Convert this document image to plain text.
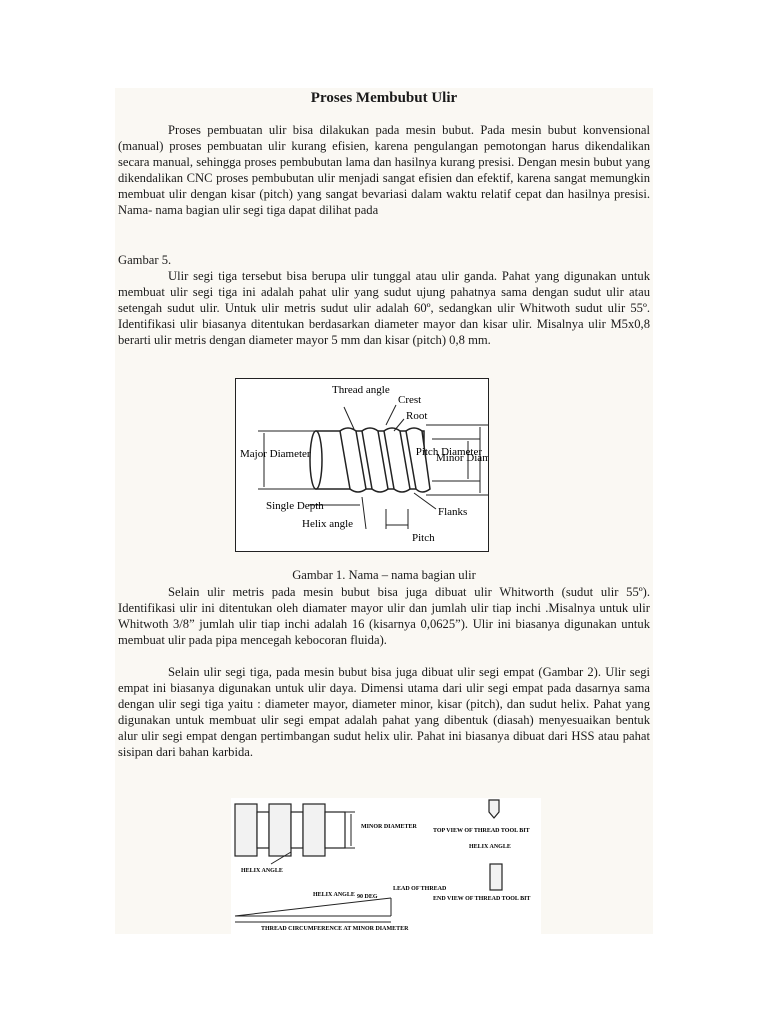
Proses Membubut Ulir

Proses pembuatan ulir bisa dilakukan pada mesin bubut. Pada mesin bubut konvensional (manual) proses pembuatan ulir kurang efisien, karena pengulangan pemotongan harus dikendalikan secara manual, sehingga proses pembubutan lama dan hasilnya kurang presisi. Dengan mesin bubut yang dikendalikan CNC proses pembubutan ulir menjadi sangat efisien dan efektif, karena sangat memungkin membuat ulir dengan kisar (pitch) yang sangat bevariasi dalam waktu relatif cepat dan hasilnya presisi. Nama- nama bagian ulir segi tiga dapat dilihat pada

Gambar 5.

Ulir segi tiga tersebut bisa berupa ulir tunggal atau ulir ganda. Pahat yang digunakan untuk membuat ulir segi tiga ini adalah pahat ulir yang sudut ujung pahatnya sama dengan sudut ulir atau setengah sudut ulir. Untuk ulir metris sudut ulir adalah 60º, sedangkan ulir Whitwoth sudut ulir 55º. Identifikasi ulir biasanya ditentukan berdasarkan diameter mayor dan kisar ulir. Misalnya ulir M5x0,8 berarti ulir metris dengan diameter mayor 5 mm dan kisar (pitch) 0,8 mm.

Thread angle
Crest
Root
Major Diameter	Minor Diam
Pitch Diameter
Single Depth
Helix angle
Flanks
Pitch
Gambar 1. Nama – nama bagian ulir

Selain ulir metris pada mesin bubut bisa juga dibuat ulir Whitworth (sudut ulir 55º). Identifikasi ulir ini ditentukan oleh diamater mayor ulir dan jumlah ulir tiap inchi .Misalnya untuk ulir Whitwoth 3/8” jumlah ulir tiap inchi adalah 16 (kisarnya 0,0625”). Ulir ini biasanya digunakan untuk membuat ulir pada pipa mencegah kebocoran fluida).

Selain ulir segi tiga, pada mesin bubut bisa juga dibuat ulir segi empat (Gambar 2). Ulir segi empat ini biasanya digunakan untuk ulir daya. Dimensi utama dari ulir segi empat pada dasarnya sama dengan ulir segi tiga yaitu : diameter mayor, diameter minor, kisar (pitch), dan sudut helix. Pahat yang digunakan untuk membuat ulir segi empat adalah pahat yang dibentuk (diasah) menyesuaikan bentuk alur ulir segi empat dengan pertimbangan sudut helix ulir. Pahat ini biasanya dibuat dari HSS atau pahat sisipan dari bahan karbida.

MINOR DIAMETER
HELIX ANGLE
HELIX ANGLE 90 DEG
LEAD OF THREAD
THREAD CIRCUMFERENCE AT MINOR DIAMETER
TOP VIEW OF THREAD TOOL BIT
HELIX ANGLE
END VIEW OF THREAD TOOL BIT
